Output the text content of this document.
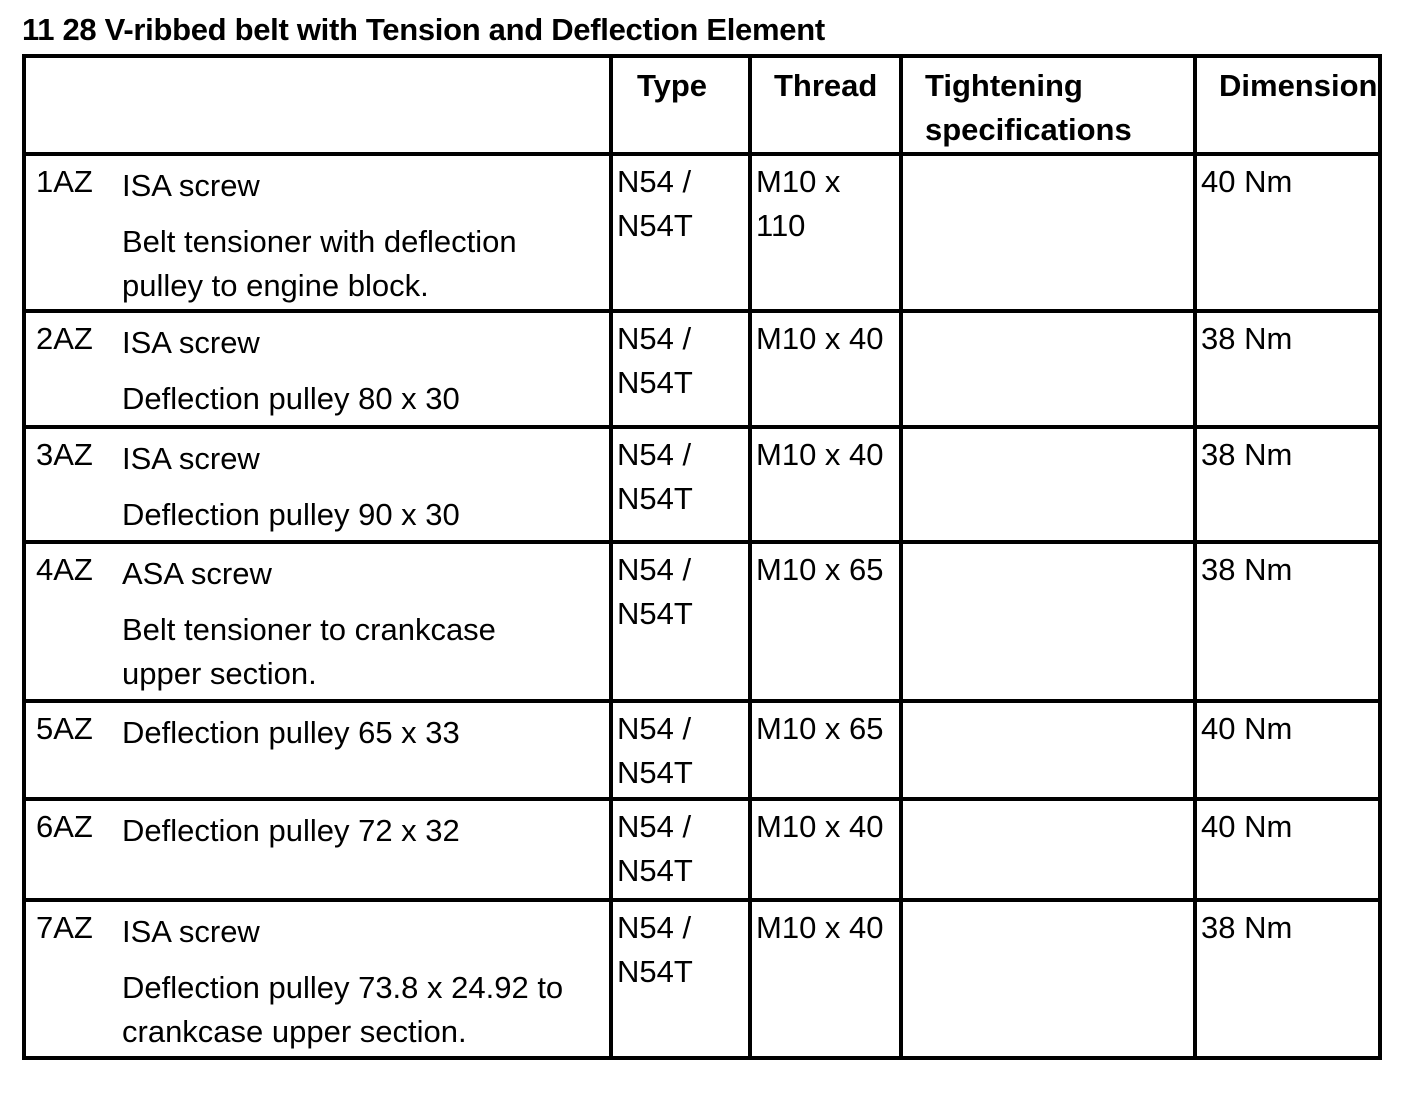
11 28 V-ribbed belt with Tension and Deflection Element

	Type	Thread	Tightening specifications	Dimension

1AZ ISA screw
Belt tensioner with deflection pulley to engine block.	N54 / N54T	M10 x 110		40 Nm

2AZ ISA screw
Deflection pulley 80 x 30	N54 / N54T	M10 x 40		38 Nm

3AZ ISA screw
Deflection pulley 90 x 30	N54 / N54T	M10 x 40		38 Nm

4AZ ASA screw
Belt tensioner to crankcase upper section.	N54 / N54T	M10 x 65		38 Nm

5AZ Deflection pulley 65 x 33	N54 / N54T	M10 x 65		40 Nm

6AZ Deflection pulley 72 x 32	N54 / N54T	M10 x 40		40 Nm

7AZ ISA screw
Deflection pulley 73.8 x 24.92 to crankcase upper section.	N54 / N54T	M10 x 40		38 Nm
